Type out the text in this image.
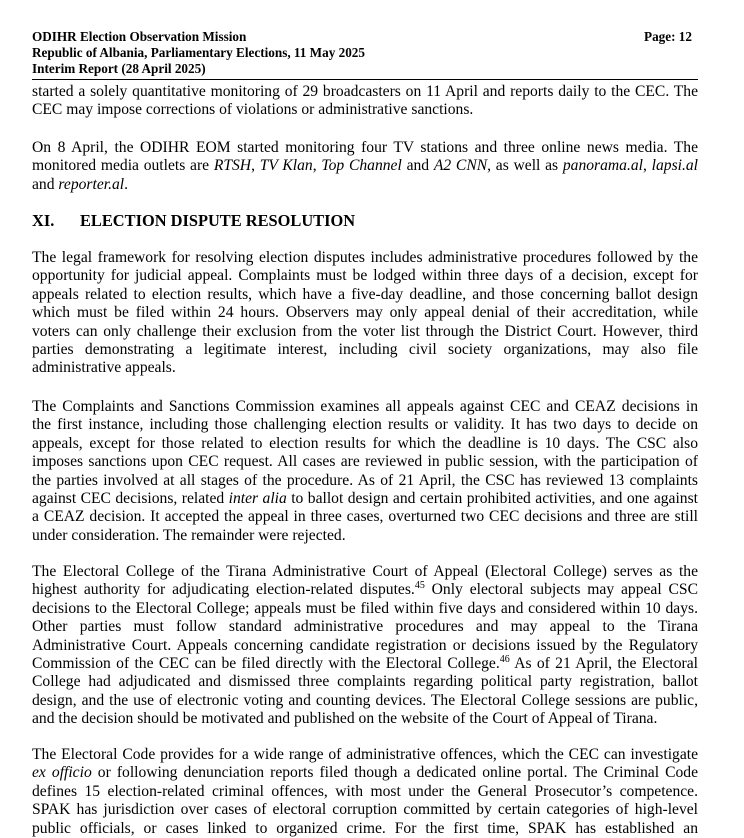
ODIHR Election Observation Mission
Republic of Albania, Parliamentary Elections, 11 May 2025
Interim Report (28 April 2025)
Page: 12
started a solely quantitative monitoring of 29 broadcasters on 11 April and reports daily to the CEC. The
CEC may impose corrections of violations or administrative sanctions.
On 8 April, the ODIHR EOM started monitoring four TV stations and three online news media. The
monitored media outlets are RTSH, TV Klan, Top Channel and A2 CNN, as well as panorama.al, lapsi.al
and reporter.al.
XI. ELECTION DISPUTE RESOLUTION
The legal framework for resolving election disputes includes administrative procedures followed by the
opportunity for judicial appeal. Complaints must be lodged within three days of a decision, except for
appeals related to election results, which have a five-day deadline, and those concerning ballot design
which must be filed within 24 hours. Observers may only appeal denial of their accreditation, while
voters can only challenge their exclusion from the voter list through the District Court. However, third
parties demonstrating a legitimate interest, including civil society organizations, may also file
administrative appeals.
The Complaints and Sanctions Commission examines all appeals against CEC and CEAZ decisions in
the first instance, including those challenging election results or validity. It has two days to decide on
appeals, except for those related to election results for which the deadline is 10 days. The CSC also
imposes sanctions upon CEC request. All cases are reviewed in public session, with the participation of
the parties involved at all stages of the procedure. As of 21 April, the CSC has reviewed 13 complaints
against CEC decisions, related inter alia to ballot design and certain prohibited activities, and one against
a CEAZ decision. It accepted the appeal in three cases, overturned two CEC decisions and three are still
under consideration. The remainder were rejected.
The Electoral College of the Tirana Administrative Court of Appeal (Electoral College) serves as the
highest authority for adjudicating election-related disputes.$^{45}$ Only electoral subjects may appeal CSC
decisions to the Electoral College; appeals must be filed within five days and considered within 10 days.
Other parties must follow standard administrative procedures and may appeal to the Tirana
Administrative Court. Appeals concerning candidate registration or decisions issued by the Regulatory
Commission of the CEC can be filed directly with the Electoral College.$^{46}$ As of 21 April, the Electoral
College had adjudicated and dismissed three complaints regarding political party registration, ballot
design, and the use of electronic voting and counting devices. The Electoral College sessions are public,
and the decision should be motivated and published on the website of the Court of Appeal of Tirana.
The Electoral Code provides for a wide range of administrative offences, which the CEC can investigate
ex officio or following denunciation reports filed though a dedicated online portal. The Criminal Code
defines 15 election-related criminal offences, with most under the General Prosecutor’s competence.
SPAK has jurisdiction over cases of electoral corruption committed by certain categories of high-level
public officials, or cases linked to organized crime. For the first time, SPAK has established an
